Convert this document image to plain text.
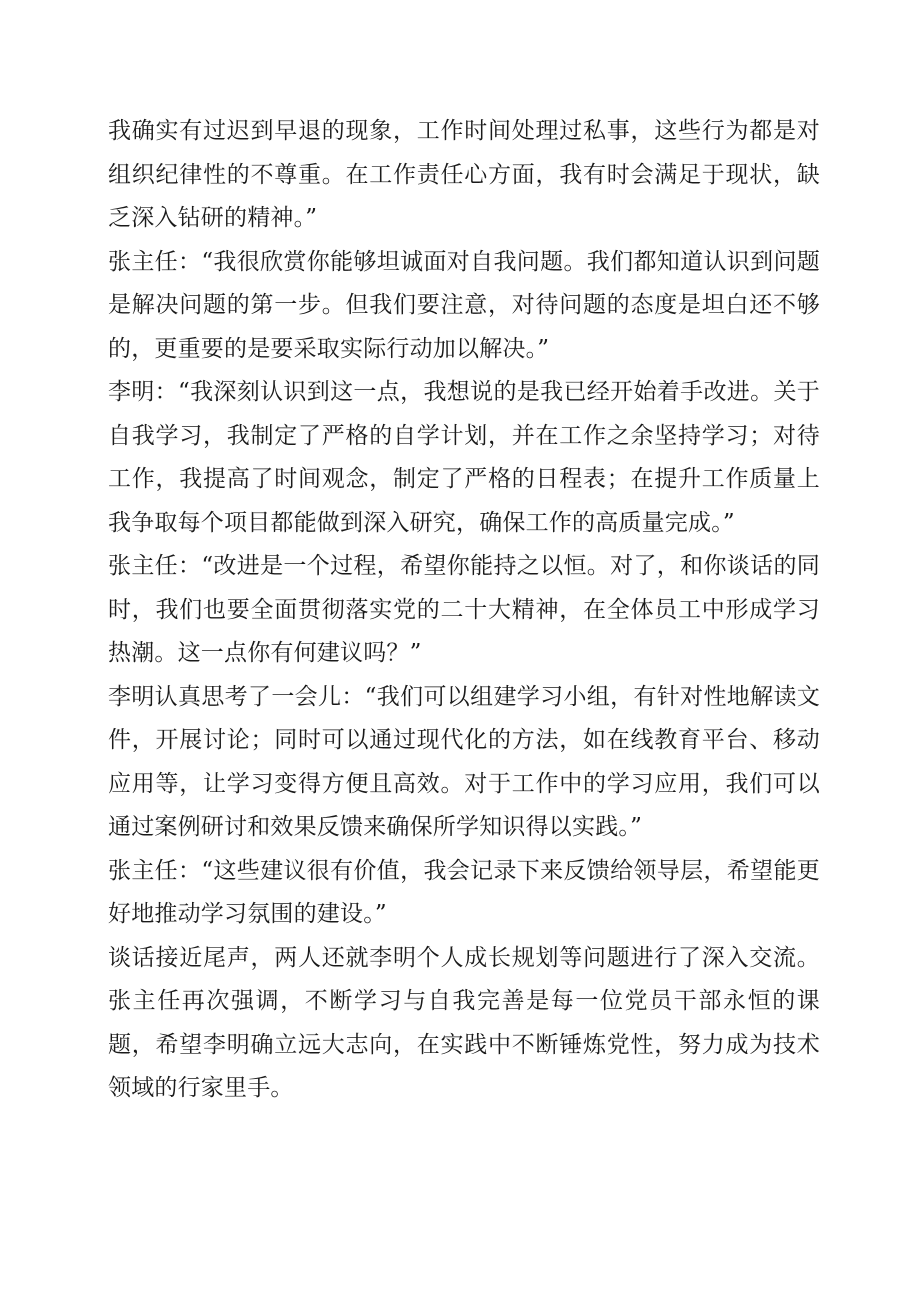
我确实有过迟到早退的现象，工作时间处理过私事，这些行为都是对组织纪律性的不尊重。在工作责任心方面，我有时会满足于现状，缺乏深入钻研的精神。”

张主任：“我很欣赏你能够坦诚面对自我问题。我们都知道认识到问题是解决问题的第一步。但我们要注意，对待问题的态度是坦白还不够的，更重要的是要采取实际行动加以解决。”

李明：“我深刻认识到这一点，我想说的是我已经开始着手改进。关于自我学习，我制定了严格的自学计划，并在工作之余坚持学习；对待工作，我提高了时间观念，制定了严格的日程表；在提升工作质量上我争取每个项目都能做到深入研究，确保工作的高质量完成。”

张主任：“改进是一个过程，希望你能持之以恒。对了，和你谈话的同时，我们也要全面贯彻落实党的二十大精神，在全体员工中形成学习热潮。这一点你有何建议吗？”

李明认真思考了一会儿：“我们可以组建学习小组，有针对性地解读文件，开展讨论；同时可以通过现代化的方法，如在线教育平台、移动应用等，让学习变得方便且高效。对于工作中的学习应用，我们可以通过案例研讨和效果反馈来确保所学知识得以实践。”

张主任：“这些建议很有价值，我会记录下来反馈给领导层，希望能更好地推动学习氛围的建设。”

谈话接近尾声，两人还就李明个人成长规划等问题进行了深入交流。张主任再次强调，不断学习与自我完善是每一位党员干部永恒的课题，希望李明确立远大志向，在实践中不断锤炼党性，努力成为技术领域的行家里手。
